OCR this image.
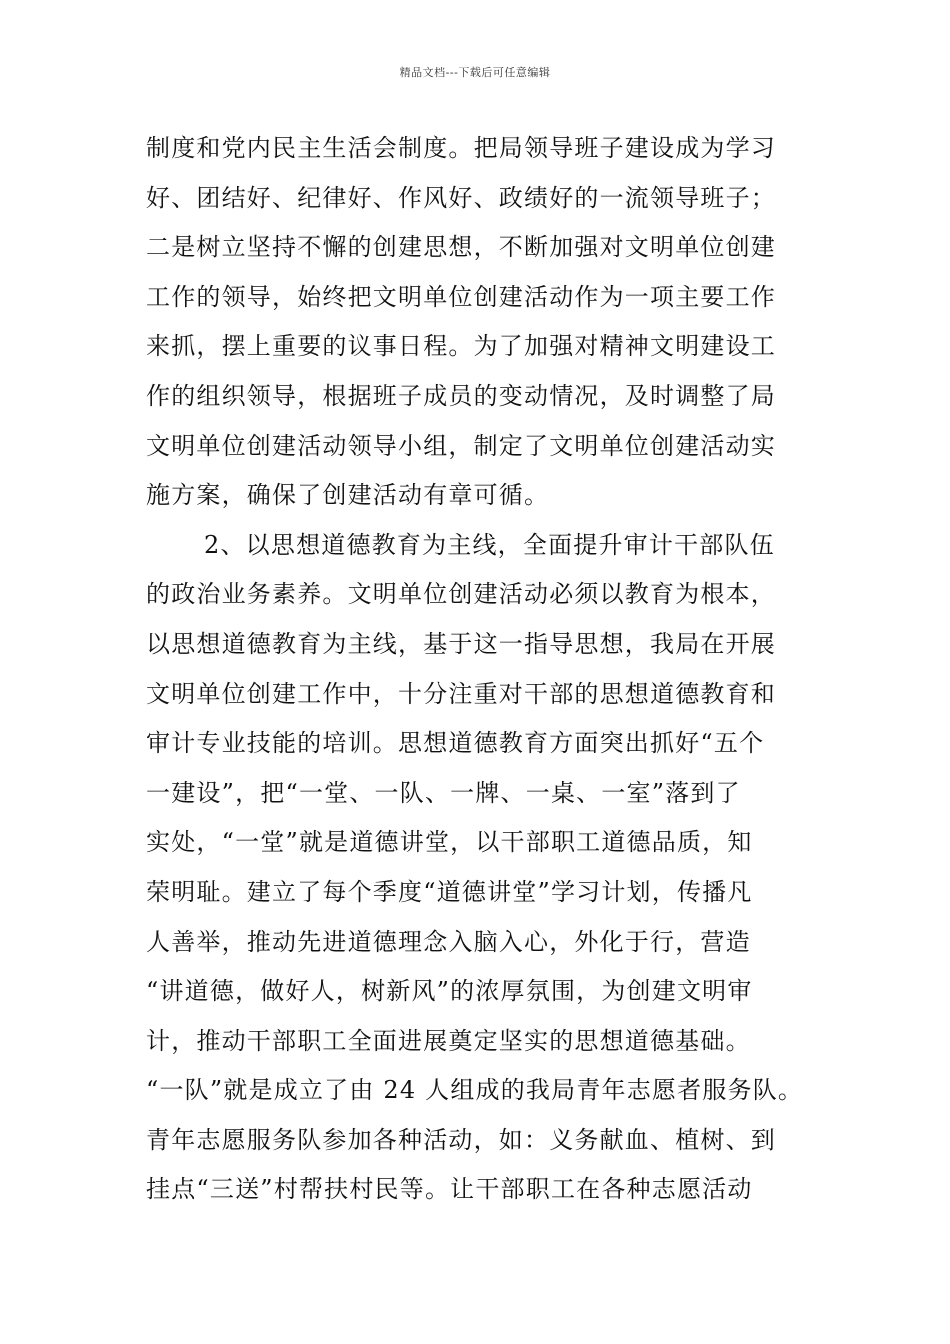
精品文档---下载后可任意编辑
制度和党内民主生活会制度。把局领导班子建设成为学习
好、团结好、纪律好、作风好、政绩好的一流领导班子；
二是树立坚持不懈的创建思想，不断加强对文明单位创建
工作的领导，始终把文明单位创建活动作为一项主要工作
来抓，摆上重要的议事日程。为了加强对精神文明建设工
作的组织领导，根据班子成员的变动情况，及时调整了局
文明单位创建活动领导小组，制定了文明单位创建活动实
施方案，确保了创建活动有章可循。
2、以思想道德教育为主线，全面提升审计干部队伍
的政治业务素养。文明单位创建活动必须以教育为根本，
以思想道德教育为主线，基于这一指导思想，我局在开展
文明单位创建工作中，十分注重对干部的思想道德教育和
审计专业技能的培训。思想道德教育方面突出抓好“五个
一建设”，把“一堂、一队、一牌、一桌、一室”落到了
实处，“一堂”就是道德讲堂，以干部职工道德品质，知
荣明耻。建立了每个季度“道德讲堂”学习计划，传播凡
人善举，推动先进道德理念入脑入心，外化于行，营造
“讲道德，做好人，树新风”的浓厚氛围，为创建文明审
计，推动干部职工全面进展奠定坚实的思想道德基础。
“一队”就是成立了由 24 人组成的我局青年志愿者服务队。
青年志愿服务队参加各种活动，如：义务献血、植树、到
挂点“三送”村帮扶村民等。让干部职工在各种志愿活动
